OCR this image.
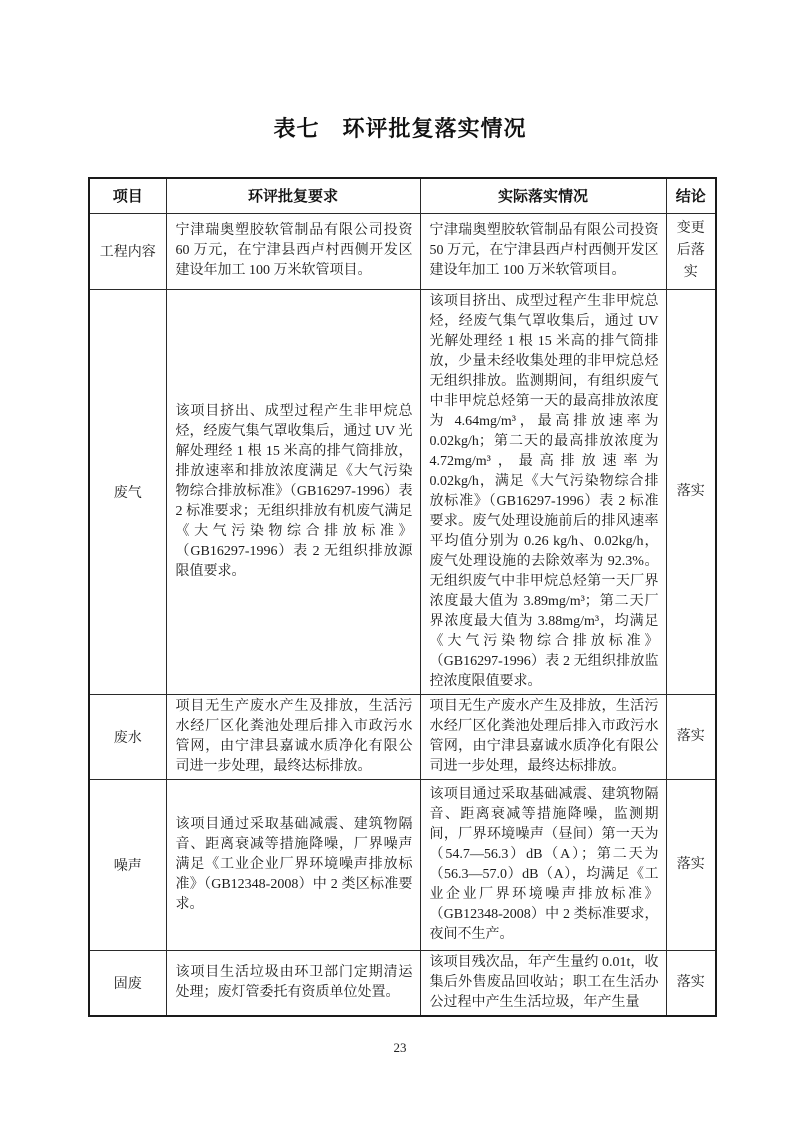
表七　环评批复落实情况
项目	环评批复要求	实际落实情况	结论
工程内容	宁津瑞奥塑胶软管制品有限公司投资 60 万元，在宁津县西卢村西侧开发区建设年加工 100 万米软管项目。	宁津瑞奥塑胶软管制品有限公司投资 50 万元，在宁津县西卢村西侧开发区建设年加工 100 万米软管项目。	变更后落实
废气	该项目挤出、成型过程产生非甲烷总烃，经废气集气罩收集后，通过 UV 光解处理经 1 根 15 米高的排气筒排放，排放速率和排放浓度满足《大气污染物综合排放标准》（GB16297-1996）表 2 标准要求；无组织排放有机废气满足《大气污染物综合排放标准》（GB16297-1996）表 2 无组织排放源限值要求。	该项目挤出、成型过程产生非甲烷总烃，经废气集气罩收集后，通过 UV 光解处理经 1 根 15 米高的排气筒排放，少量未经收集处理的非甲烷总烃无组织排放。监测期间，有组织废气中非甲烷总烃第一天的最高排放浓度为 4.64mg/m³，最高排放速率为 0.02kg/h；第二天的最高排放浓度为 4.72mg/m³，最高排放速率为 0.02kg/h，满足《大气污染物综合排放标准》（GB16297-1996）表 2 标准要求。废气处理设施前后的排风速率平均值分别为 0.26 kg/h、0.02kg/h，废气处理设施的去除效率为 92.3%。无组织废气中非甲烷总烃第一天厂界浓度最大值为 3.89mg/m³；第二天厂界浓度最大值为 3.88mg/m³，均满足《大气污染物综合排放标准》（GB16297-1996）表 2 无组织排放监控浓度限值要求。	落实
废水	项目无生产废水产生及排放，生活污水经厂区化粪池处理后排入市政污水管网，由宁津县嘉诚水质净化有限公司进一步处理，最终达标排放。	项目无生产废水产生及排放，生活污水经厂区化粪池处理后排入市政污水管网，由宁津县嘉诚水质净化有限公司进一步处理，最终达标排放。	落实
噪声	该项目通过采取基础减震、建筑物隔音、距离衰减等措施降噪，厂界噪声满足《工业企业厂界环境噪声排放标准》（GB12348-2008）中 2 类区标准要求。	该项目通过采取基础减震、建筑物隔音、距离衰减等措施降噪，监测期间，厂界环境噪声（昼间）第一天为（54.7—56.3）dB（A）；第二天为（56.3—57.0）dB（A），均满足《工业企业厂界环境噪声排放标准》（GB12348-2008）中 2 类标准要求，夜间不生产。	落实
固废	该项目生活垃圾由环卫部门定期清运处理；废灯管委托有资质单位处置。	该项目残次品，年产生量约 0.01t，收集后外售废品回收站；职工在生活办公过程中产生生活垃圾，年产生量	落实
23
